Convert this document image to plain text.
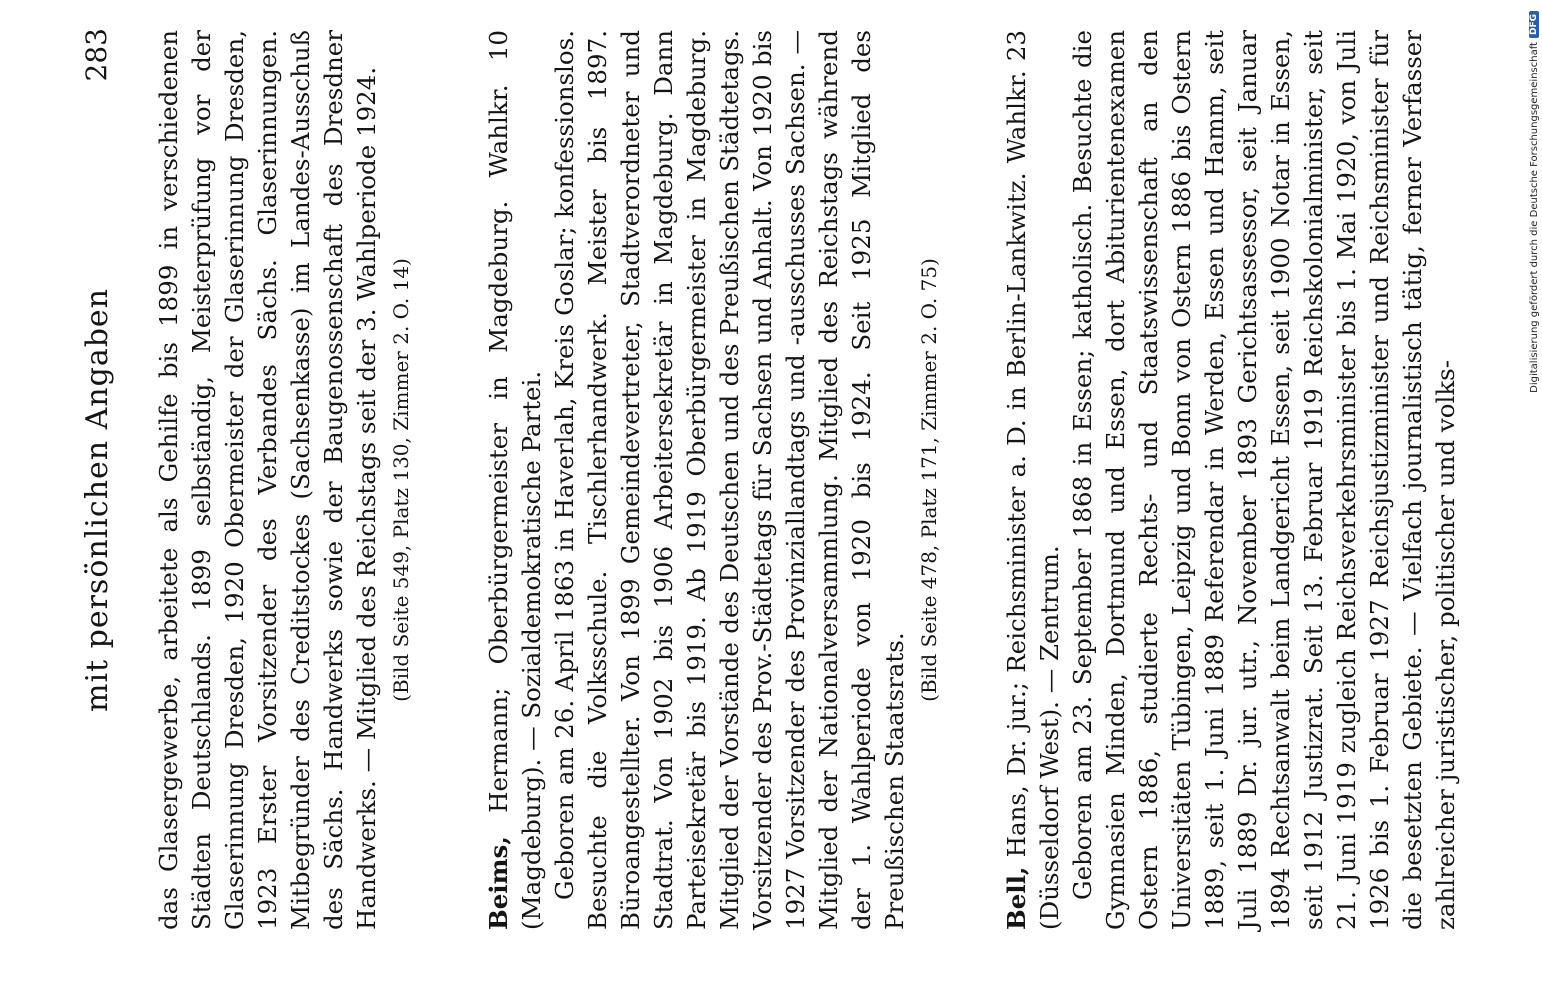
mit persönlichen Angaben
283 das Glasergewerbe, arbeitete als Gehilfe bis 1899 in verschiedenen Städten Deutschlands. 1899 selbständig, Meisterprüfung vor der Glaserinnung Dresden, 1920 Obermeister der Glaserinnung Dresden, 1923 Erster Vorsitzender des Verbandes Sächs. Glaserinnungen. Mitbegründer des Creditstockes (Sachsenkasse) im Landes-Ausschuß des Sächs. Handwerks sowie der Baugenossenschaft des Dresdner Handwerks. — Mitglied des Reichstags seit der 3. Wahlperiode 1924. (Bild Seite 549, Platz 130, Zimmer 2. O. 14)

Beims, Hermann; Oberbürgermeister in Magdeburg. Wahlkr. 10 (Magdeburg). — Sozialdemokratische Partei. Geboren am 26. April 1863 in Haverlah, Kreis Goslar; konfessionslos. Besuchte die Volksschule. Tischlerhandwerk. Meister bis 1897. Büroangestellter. Von 1899 Gemeindevertreter, Stadtverordneter und Stadtrat. Von 1902 bis 1906 Arbeitersekretär in Magdeburg. Dann Parteisekretär bis 1919. Ab 1919 Oberbürgermeister in Magdeburg. Mitglied der Vorstände des Deutschen und des Preußischen Städtetags. Vorsitzender des Prov.-Städtetags für Sachsen und Anhalt. Von 1920 bis 1927 Vorsitzender des Provinziallandtags und -ausschusses Sachsen. — Mitglied der Nationalversammlung. Mitglied des Reichstags während der 1. Wahlperiode von 1920 bis 1924. Seit 1925 Mitglied des Preußischen Staatsrats.

(Bild Seite 478, Platz 171, Zimmer 2. O. 75)

Bell, Hans, Dr. jur.; Reichsminister a. D. in Berlin-Lankwitz. Wahlkr. 23 (Düsseldorf West). — Zentrum. Geboren am 23. September 1868 in Essen; katholisch. Besuchte die Gymnasien Minden, Dortmund und Essen, dort Abiturientenexamen Ostern 1886, studierte Rechts- und Staatswissenschaft an den Universitäten Tübingen, Leipzig und Bonn von Ostern 1886 bis Ostern 1889, seit 1. Juni 1889 Referendar in Werden, Essen und Hamm, seit Juli 1889 Dr. jur. utr., November 1893 Gerichtsassessor, seit Januar 1894 Rechtsanwalt beim Landgericht Essen, seit 1900 Notar in Essen, seit 1912 Justizrat. Seit 13. Februar 1919 Reichskolonialminister, seit 21. Juni 1919 zugleich Reichsverkehrsminister bis 1. Mai 1920, von Juli 1926 bis 1. Februar 1927 Reichsjustizminister und Reichsminister für die besetzten Gebiete. — Vielfach journalistisch tätig, ferner Verfasser zahlreicher juristischer, politischer und volks-

Digitalisierung gefördert durch die Deutsche Forschungsgemeinschaft
DFG
